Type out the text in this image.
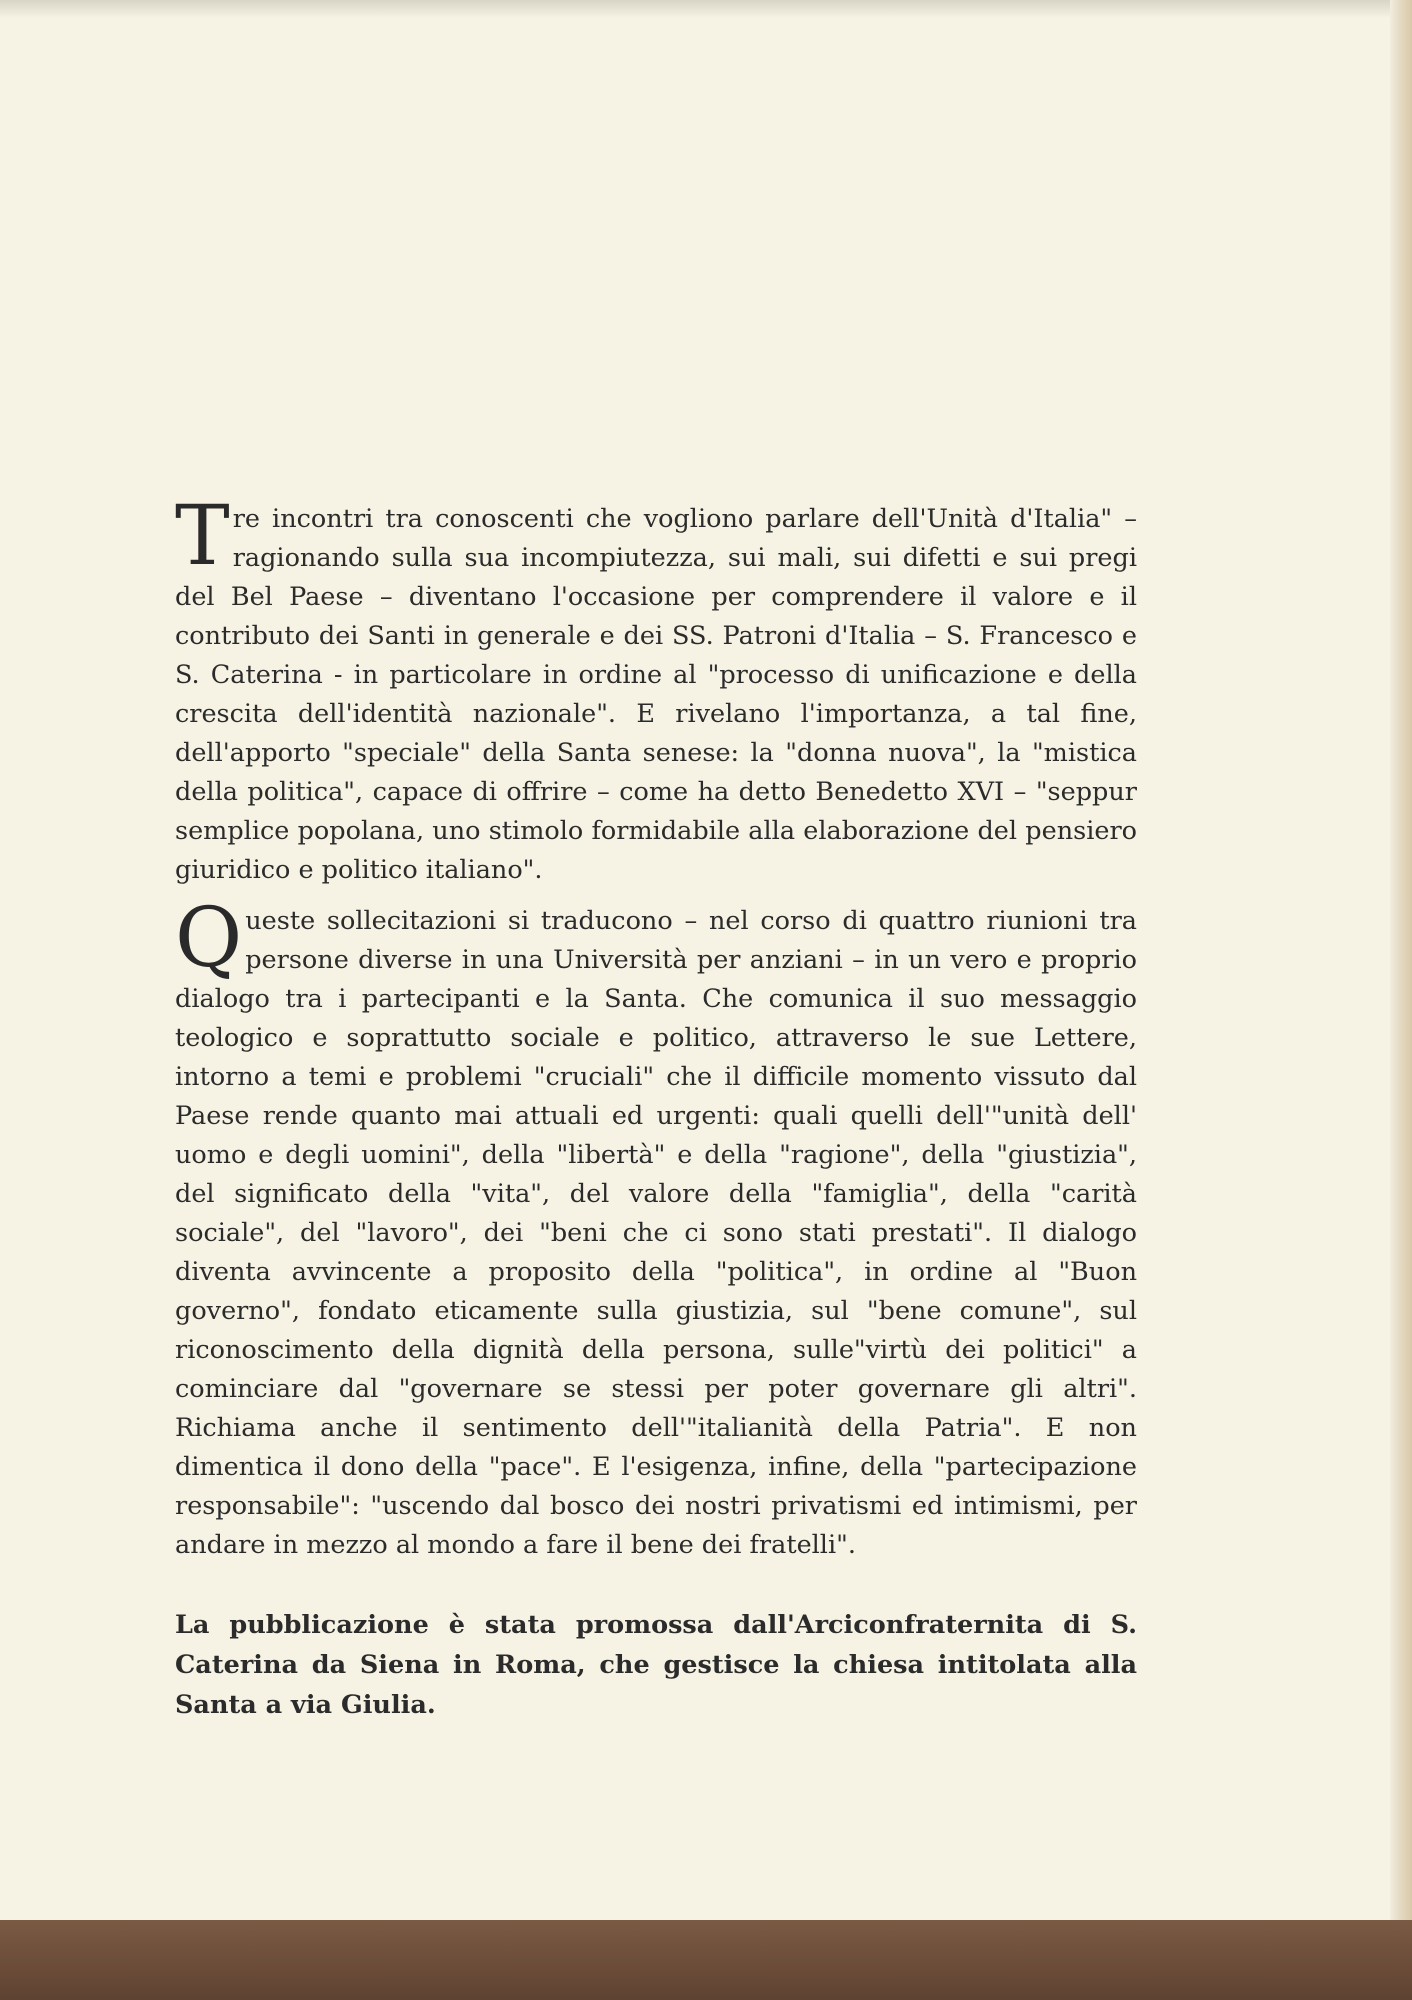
Tre incontri tra conoscenti che vogliono parlare dell'Unità d'Italia" – ragionando sulla sua incompiutezza, sui mali, sui difetti e sui pregi del Bel Paese – diventano l'occasione per comprendere il valore e il contributo dei Santi in generale e dei SS. Patroni d'Italia – S. Francesco e S. Caterina - in particolare in ordine al "processo di unificazione e della crescita dell'identità nazionale". E rivelano l'importanza, a tal fine, dell'apporto "speciale" della Santa senese: la "donna nuova", la "mistica della politica", capace di offrire – come ha detto Benedetto XVI – "seppur semplice popolana, uno stimolo formidabile alla elaborazione del pensiero giuridico e politico italiano".

Queste sollecitazioni si traducono – nel corso di quattro riunioni tra persone diverse in una Università per anziani – in un vero e proprio dialogo tra i partecipanti e la Santa. Che comunica il suo messaggio teologico e soprattutto sociale e politico, attraverso le sue Lettere, intorno a temi e problemi "cruciali" che il difficile momento vissuto dal Paese rende quanto mai attuali ed urgenti: quali quelli dell'"unità dell' uomo e degli uomini", della "libertà" e della "ragione", della "giustizia", del significato della "vita", del valore della "famiglia", della "carità sociale", del "lavoro", dei "beni che ci sono stati prestati". Il dialogo diventa avvincente a proposito della "politica", in ordine al "Buon governo", fondato eticamente sulla giustizia, sul "bene comune", sul riconoscimento della dignità della persona, sulle"virtù dei politici" a cominciare dal "governare se stessi per poter governare gli altri". Richiama anche il sentimento dell'"italianità della Patria". E non dimentica il dono della "pace". E l'esigenza, infine, della "partecipazione responsabile": "uscendo dal bosco dei nostri privatismi ed intimismi, per andare in mezzo al mondo a fare il bene dei fratelli".

La pubblicazione è stata promossa dall'Arciconfraternita di S. Caterina da Siena in Roma, che gestisce la chiesa intitolata alla Santa a via Giulia.
